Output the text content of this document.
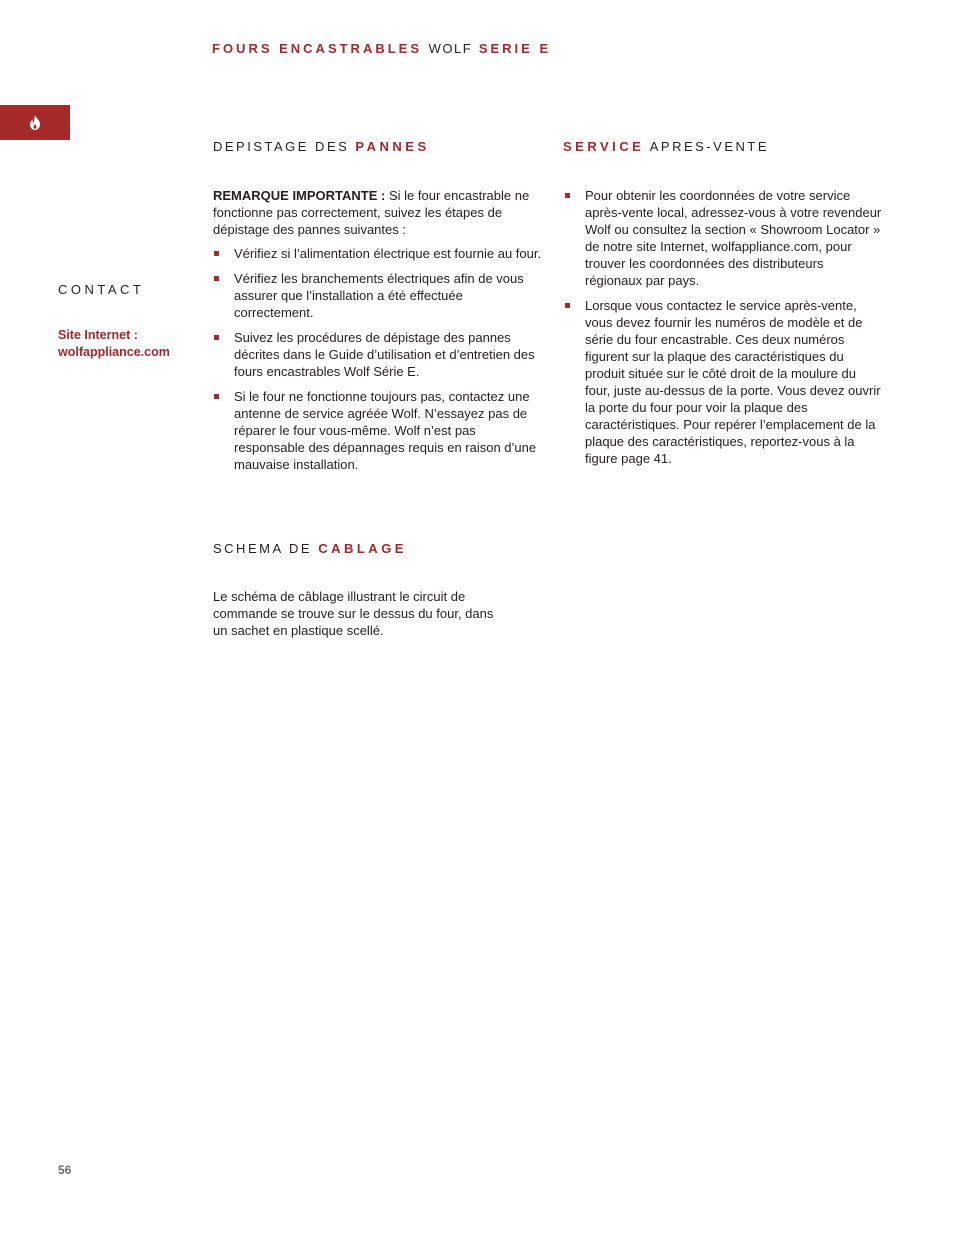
FOURS ENCASTRABLES WOLF SERIE E
CONTACT
Site Internet :
wolfappliance.com
DEPISTAGE DES PANNES

REMARQUE IMPORTANTE : Si le four encastrable ne fonctionne pas correctement, suivez les étapes de dépistage des pannes suivantes :

Vérifiez si l’alimentation électrique est fournie au four.
Vérifiez les branchements électriques afin de vous assurer que l’installation a été effectuée correctement.
Suivez les procédures de dépistage des pannes décrites dans le Guide d’utilisation et d’entretien des fours encastrables Wolf Série E.
Si le four ne fonctionne toujours pas, contactez une antenne de service agréée Wolf. N’essayez pas de réparer le four vous-même. Wolf n’est pas responsable des dépannages requis en raison d’une mauvaise installation.
SCHEMA DE CABLAGE
Le schéma de câblage illustrant le circuit de commande se trouve sur le dessus du four, dans un sachet en plastique scellé.
SERVICE APRES-VENTE
Pour obtenir les coordonnées de votre service après-vente local, adressez-vous à votre revendeur Wolf ou consultez la section « Showroom Locator » de notre site Internet, wolfappliance.com, pour trouver les coordonnées des distributeurs régionaux par pays.
Lorsque vous contactez le service après-vente, vous devez fournir les numéros de modèle et de série du four encastrable. Ces deux numéros figurent sur la plaque des caractéristiques du produit située sur le côté droit de la moulure du four, juste au-dessus de la porte. Vous devez ouvrir la porte du four pour voir la plaque des caractéristiques. Pour repérer l’emplacement de la plaque des caractéristiques, reportez-vous à la figure page 41.
56
